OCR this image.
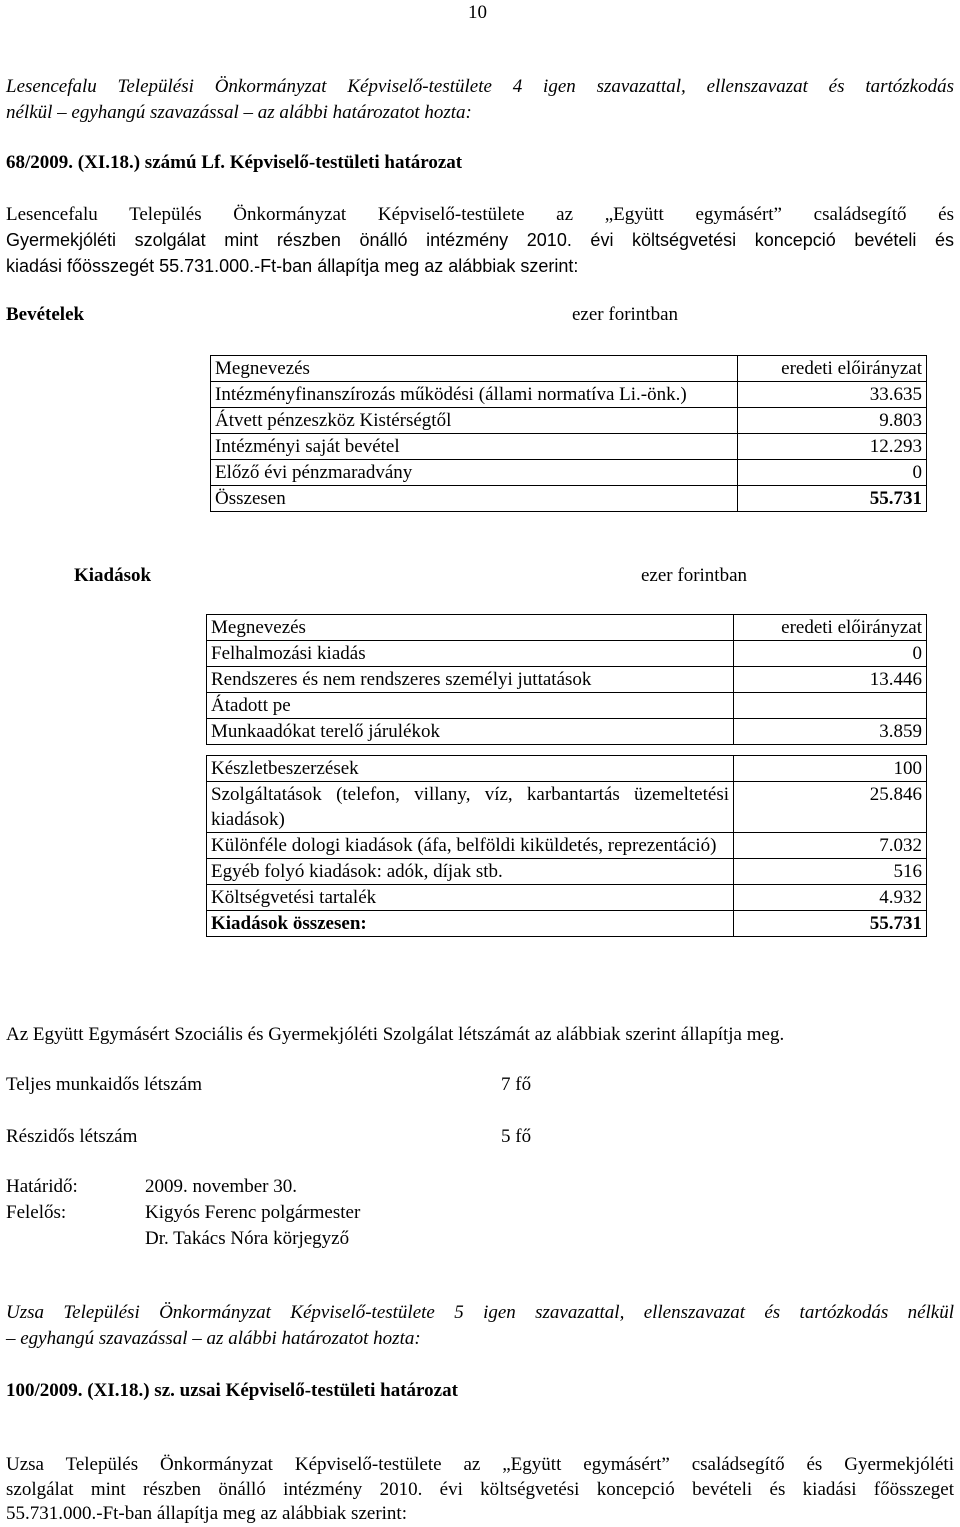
10
Lesencefalu Települési Önkormányzat Képviselő-testülete 4 igen szavazattal, ellenszavazat és tartózkodás
nélkül – egyhangú szavazással – az alábbi határozatot hozta:
68/2009. (XI.18.) számú Lf. Képviselő-testületi határozat
Lesencefalu Település Önkormányzat Képviselő-testülete az „Együtt egymásért” családsegítő és
Gyermekjóléti szolgálat mint részben önálló intézmény 2010. évi költségvetési koncepció bevételi és
kiadási főösszegét 55.731.000.-Ft-ban állapítja meg az alábbiak szerint:
Bevételek	ezer forintban
Megnevezés	eredeti előirányzat
Intézményfinanszírozás működési (állami normatíva Li.-önk.)	33.635
Átvett pénzeszköz Kistérségtől	9.803
Intézményi saját bevétel	12.293
Előző évi pénzmaradvány	0
Összesen	55.731
Kiadások	ezer forintban
Megnevezés	eredeti előirányzat
Felhalmozási kiadás	0
Rendszeres és nem rendszeres személyi juttatások	13.446
Átadott pe	
Munkaadókat terelő járulékok	3.859

Készletbeszerzések	100
Szolgáltatások (telefon, villany, víz, karbantartás üzemeltetési kiadások)	25.846
Különféle dologi kiadások (áfa, belföldi kiküldetés, reprezentáció)	7.032
Egyéb folyó kiadások: adók, díjak stb.	516
Költségvetési tartalék	4.932
Kiadások összesen:	55.731
Az Együtt Egymásért Szociális és Gyermekjóléti Szolgálat létszámát az alábbiak szerint állapítja meg.
Teljes munkaidős létszám	7 fő
Részidős létszám	5 fő
Határidő:	2009. november 30.
Felelős:	Kigyós Ferenc polgármester
Dr. Takács Nóra körjegyző
Uzsa Települési Önkormányzat Képviselő-testülete 5 igen szavazattal, ellenszavazat és tartózkodás nélkül
– egyhangú szavazással – az alábbi határozatot hozta:
100/2009. (XI.18.) sz. uzsai Képviselő-testületi határozat
Uzsa Település Önkormányzat Képviselő-testülete az „Együtt egymásért” családsegítő és Gyermekjóléti
szolgálat mint részben önálló intézmény 2010. évi költségvetési koncepció bevételi és kiadási főösszeget
55.731.000.-Ft-ban állapítja meg az alábbiak szerint:
